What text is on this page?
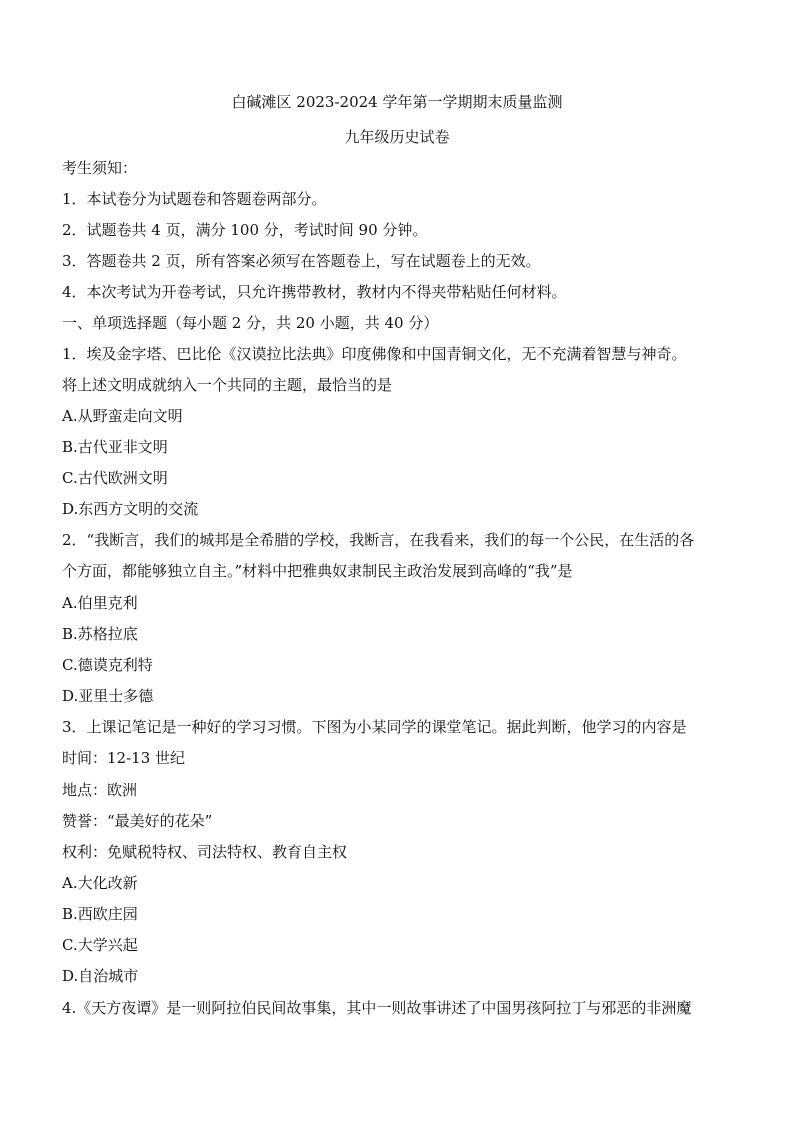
白碱滩区 2023-2024 学年第一学期期末质量监测
九年级历史试卷
考生须知：
1．本试卷分为试题卷和答题卷两部分。
2．试题卷共 4 页，满分 100 分，考试时间 90 分钟。
3．答题卷共 2 页，所有答案必须写在答题卷上，写在试题卷上的无效。
4．本次考试为开卷考试，只允许携带教材，教材内不得夹带粘贴任何材料。
一、单项选择题（每小题 2 分，共 20 小题，共 40 分）
1．埃及金字塔、巴比伦《汉谟拉比法典》印度佛像和中国青铜文化，无不充满着智慧与神奇。
将上述文明成就纳入一个共同的主题，最恰当的是
A.从野蛮走向文明
B.古代亚非文明
C.古代欧洲文明
D.东西方文明的交流
2．“我断言，我们的城邦是全希腊的学校，我断言，在我看来，我们的每一个公民，在生活的各
个方面，都能够独立自主。”材料中把雅典奴隶制民主政治发展到高峰的“我”是
A.伯里克利
B.苏格拉底
C.德谟克利特
D.亚里士多德
3．上课记笔记是一种好的学习习惯。下图为小某同学的课堂笔记。据此判断，他学习的内容是
时间：12-13 世纪
地点：欧洲
赞誉：“最美好的花朵”
权利：免赋税特权、司法特权、教育自主权
A.大化改新
B.西欧庄园
C.大学兴起
D.自治城市
4.《天方夜谭》是一则阿拉伯民间故事集，其中一则故事讲述了中国男孩阿拉丁与邪恶的非洲魔
